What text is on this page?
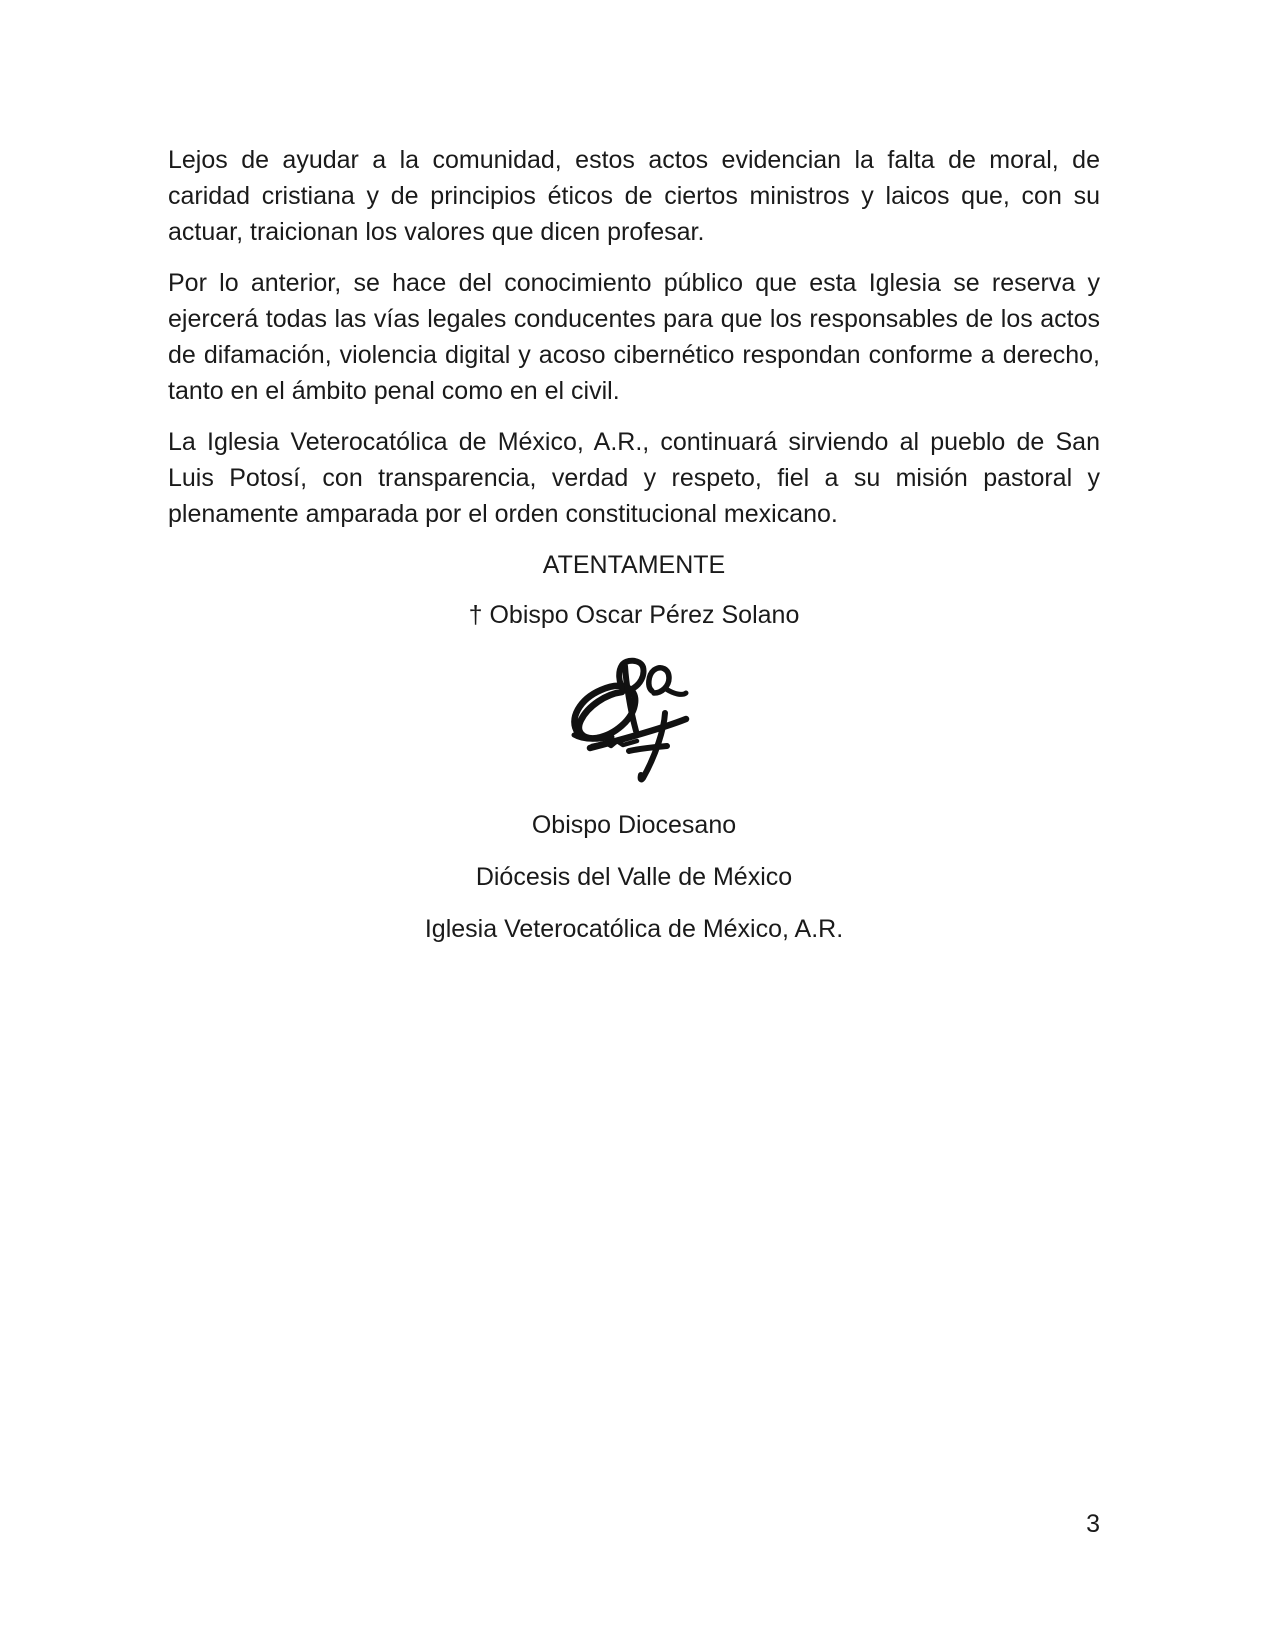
Lejos de ayudar a la comunidad, estos actos evidencian la falta de moral, de caridad cristiana y de principios éticos de ciertos ministros y laicos que, con su actuar, traicionan los valores que dicen profesar.

Por lo anterior, se hace del conocimiento público que esta Iglesia se reserva y ejercerá todas las vías legales conducentes para que los responsables de los actos de difamación, violencia digital y acoso cibernético respondan conforme a derecho, tanto en el ámbito penal como en el civil.

La Iglesia Veterocatólica de México, A.R., continuará sirviendo al pueblo de San Luis Potosí, con transparencia, verdad y respeto, fiel a su misión pastoral y plenamente amparada por el orden constitucional mexicano.

ATENTAMENTE
† Obispo Oscar Pérez Solano
Obispo Diocesano
Diócesis del Valle de México
Iglesia Veterocatólica de México, A.R.
3
